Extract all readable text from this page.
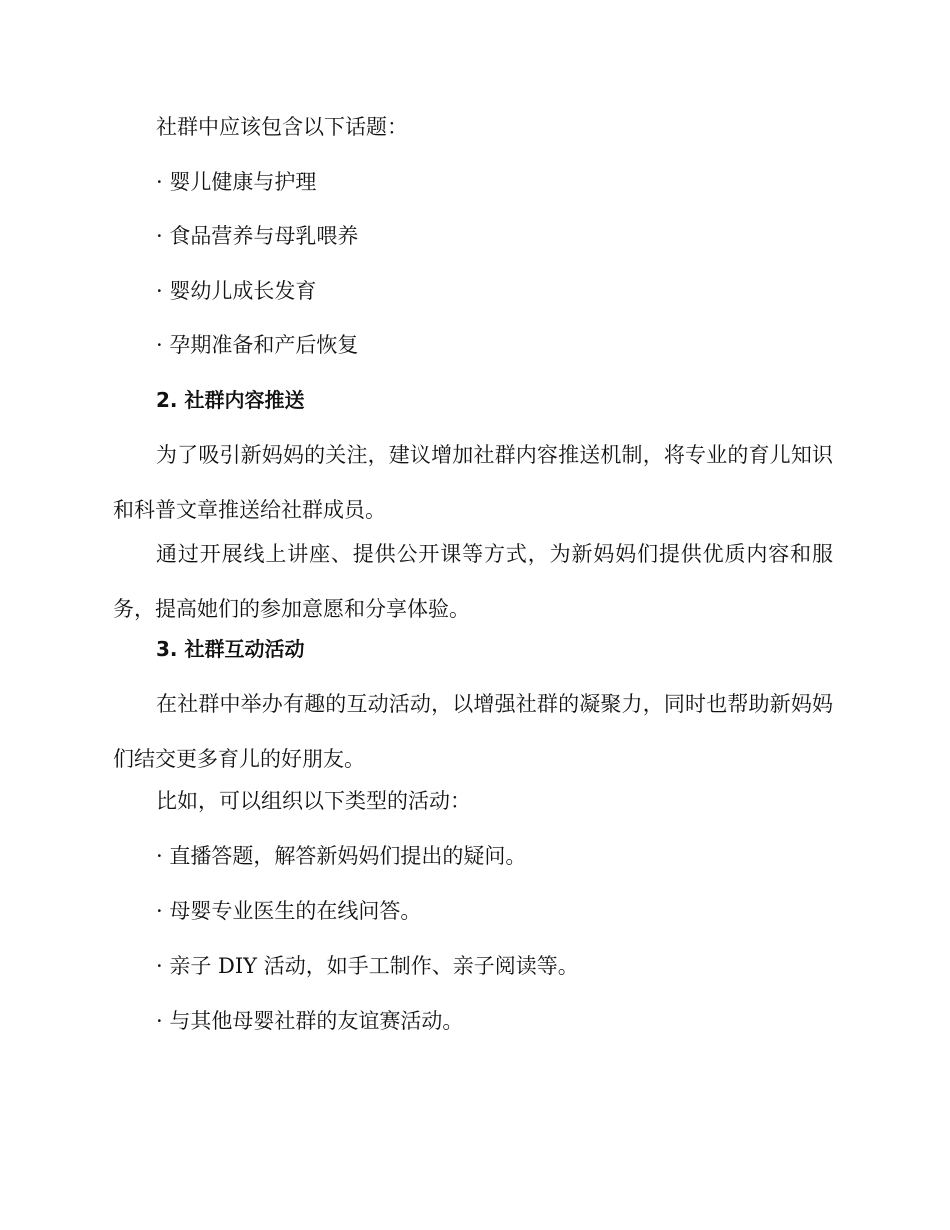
社群中应该包含以下话题：

· 婴儿健康与护理

· 食品营养与母乳喂养

· 婴幼儿成长发育

· 孕期准备和产后恢复

2. 社群内容推送

为了吸引新妈妈的关注，建议增加社群内容推送机制，将专业的育儿知识和科普文章推送给社群成员。

通过开展线上讲座、提供公开课等方式，为新妈妈们提供优质内容和服务，提高她们的参加意愿和分享体验。

3. 社群互动活动

在社群中举办有趣的互动活动，以增强社群的凝聚力，同时也帮助新妈妈们结交更多育儿的好朋友。

比如，可以组织以下类型的活动：

· 直播答题，解答新妈妈们提出的疑问。

· 母婴专业医生的在线问答。

· 亲子 DIY 活动，如手工制作、亲子阅读等。

· 与其他母婴社群的友谊赛活动。
